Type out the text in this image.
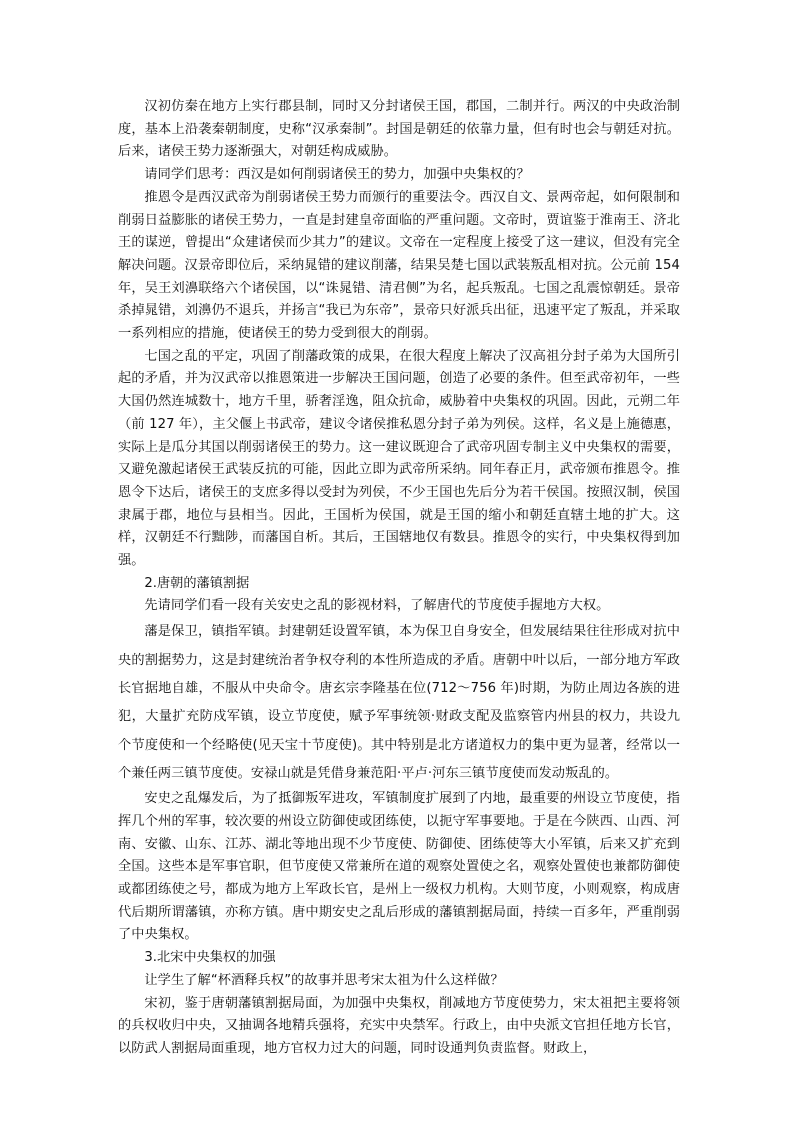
汉初仿秦在地方上实行郡县制，同时又分封诸侯王国，郡国，二制并行。两汉的中央政治制度，基本上沿袭秦朝制度，史称“汉承秦制”。封国是朝廷的依靠力量，但有时也会与朝廷对抗。后来，诸侯王势力逐渐强大，对朝廷构成威胁。

请同学们思考：西汉是如何削弱诸侯王的势力，加强中央集权的？

推恩令是西汉武帝为削弱诸侯王势力而颁行的重要法令。西汉自文、景两帝起，如何限制和削弱日益膨胀的诸侯王势力，一直是封建皇帝面临的严重问题。文帝时，贾谊鉴于淮南王、济北王的谋逆，曾提出“众建诸侯而少其力”的建议。文帝在一定程度上接受了这一建议，但没有完全解决问题。汉景帝即位后，采纳晁错的建议削藩，结果吴楚七国以武装叛乱相对抗。公元前 154 年，吴王刘濞联络六个诸侯国，以“诛晁错、清君侧”为名，起兵叛乱。七国之乱震惊朝廷。景帝杀掉晁错，刘濞仍不退兵，并扬言“我已为东帝”，景帝只好派兵出征，迅速平定了叛乱，并采取一系列相应的措施，使诸侯王的势力受到很大的削弱。

七国之乱的平定，巩固了削藩政策的成果，在很大程度上解决了汉高祖分封子弟为大国所引起的矛盾，并为汉武帝以推恩策进一步解决王国问题，创造了必要的条件。但至武帝初年，一些大国仍然连城数十，地方千里，骄奢淫逸，阻众抗命，威胁着中央集权的巩固。因此，元朔二年（前 127 年），主父偃上书武帝，建议令诸侯推私恩分封子弟为列侯。这样，名义是上施德惠，实际上是瓜分其国以削弱诸侯王的势力。这一建议既迎合了武帝巩固专制主义中央集权的需要，又避免激起诸侯王武装反抗的可能，因此立即为武帝所采纳。同年春正月，武帝颁布推恩令。推恩令下达后，诸侯王的支庶多得以受封为列侯，不少王国也先后分为若干侯国。按照汉制，侯国隶属于郡，地位与县相当。因此，王国析为侯国，就是王国的缩小和朝廷直辖土地的扩大。这样，汉朝廷不行黜陟，而藩国自析。其后，王国辖地仅有数县。推恩令的实行，中央集权得到加强。

2.唐朝的藩镇割据

先请同学们看一段有关安史之乱的影视材料，了解唐代的节度使手握地方大权。

藩是保卫，镇指军镇。封建朝廷设置军镇，本为保卫自身安全，但发展结果往往形成对抗中央的割据势力，这是封建统治者争权夺利的本性所造成的矛盾。唐朝中叶以后，一部分地方军政长官据地自雄，不服从中央命令。唐玄宗李隆基在位(712～756 年)时期，为防止周边各族的进犯，大量扩充防戍军镇，设立节度使，赋予军事统领·财政支配及监察管内州县的权力，共设九个节度使和一个经略使(见天宝十节度使)。其中特别是北方诸道权力的集中更为显著，经常以一个兼任两三镇节度使。安禄山就是凭借身兼范阳·平卢·河东三镇节度使而发动叛乱的。

安史之乱爆发后，为了抵御叛军进攻，军镇制度扩展到了内地，最重要的州设立节度使，指挥几个州的军事，较次要的州设立防御使或团练使，以扼守军事要地。于是在今陕西、山西、河南、安徽、山东、江苏、湖北等地出现不少节度使、防御使、团练使等大小军镇，后来又扩充到全国。这些本是军事官职，但节度使又常兼所在道的观察处置使之名，观察处置使也兼都防御使或都团练使之号，都成为地方上军政长官，是州上一级权力机构。大则节度，小则观察，构成唐代后期所谓藩镇，亦称方镇。唐中期安史之乱后形成的藩镇割据局面，持续一百多年，严重削弱了中央集权。

3.北宋中央集权的加强

让学生了解“杯酒释兵权”的故事并思考宋太祖为什么这样做？

宋初，鉴于唐朝藩镇割据局面，为加强中央集权，削减地方节度使势力，宋太祖把主要将领的兵权收归中央，又抽调各地精兵强将，充实中央禁军。行政上，由中央派文官担任地方长官，以防武人割据局面重现，地方官权力过大的问题，同时设通判负责监督。财政上，
